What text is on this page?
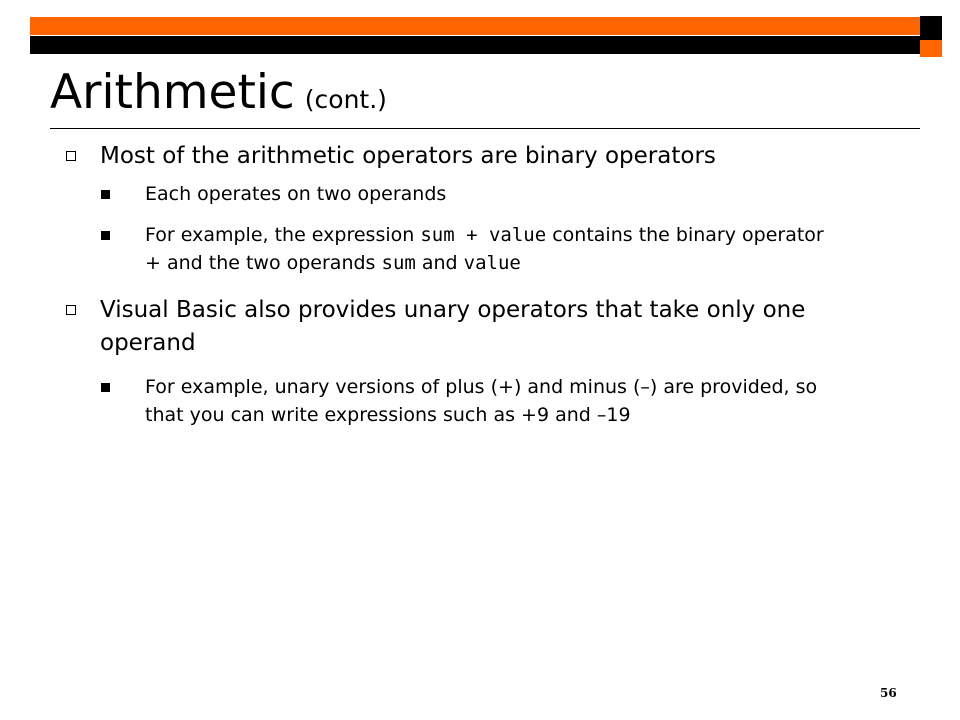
Arithmetic (cont.)
Most of the arithmetic operators are binary operators
Each operates on two operands
For example, the expression sum + value contains the binary operator + and the two operands sum and value
Visual Basic also provides unary operators that take only one operand
For example, unary versions of plus (+) and minus (–) are provided, so that you can write expressions such as +9 and –19
56
